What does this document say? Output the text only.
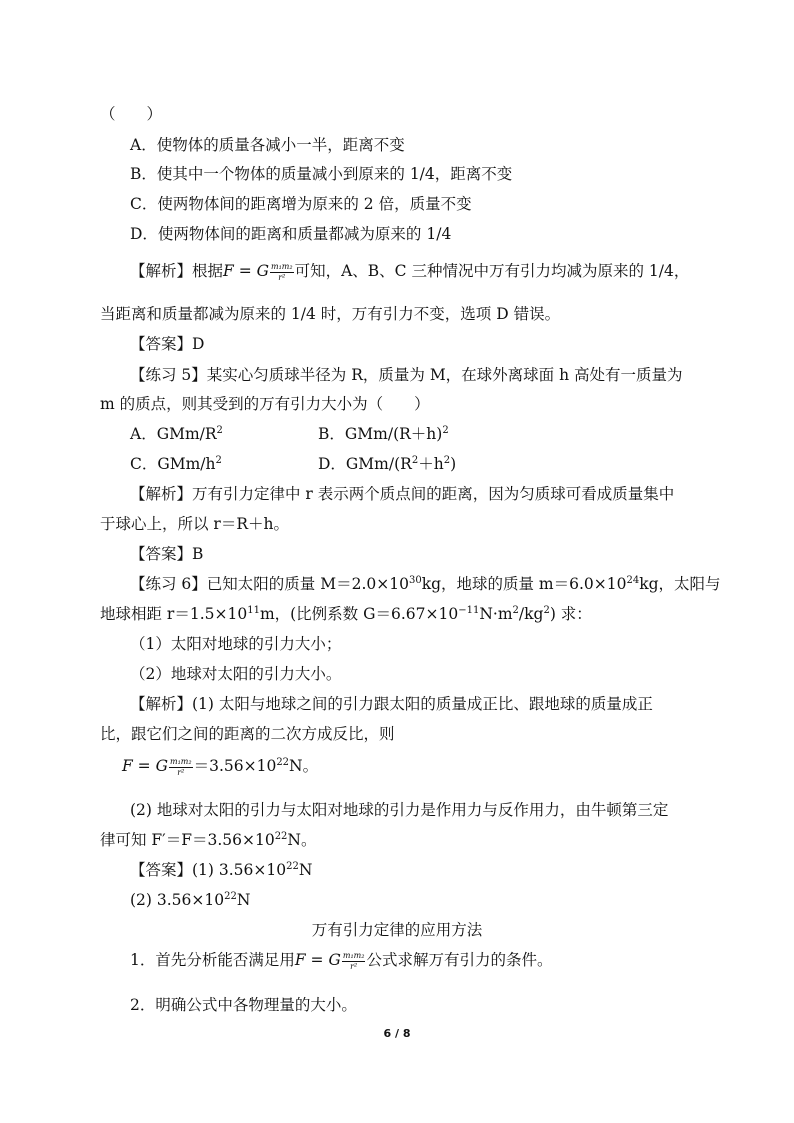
（　　）
A．使物体的质量各减小一半，距离不变
B．使其中一个物体的质量减小到原来的 1/4，距离不变
C．使两物体间的距离增为原来的 2 倍，质量不变
D．使两物体间的距离和质量都减为原来的 1/4
【解析】根据F = G $\frac{\text{m₁m₂}}{\text{r²}}$ 可知，A、B、C 三种情况中万有引力均减为原来的 1/4，
当距离和质量都减为原来的 1/4 时，万有引力不变，选项 D 错误。
【答案】D
【练习 5】某实心匀质球半径为 R，质量为 M，在球外离球面 h 高处有一质量为
m 的质点，则其受到的万有引力大小为（　　）
A．GMm/$R^2$	B．GMm/$(R+h)^2$
C．GMm/$h^2$	D．GMm/$(R^2+h^2)$
【解析】万有引力定律中 r 表示两个质点间的距离，因为匀质球可看成质量集中
于球心上，所以 r＝R＋h。
【答案】B
【练习 6】已知太阳的质量 $M=2.0\times 10^{30}kg$，地球的质量 $m=6.0\times 10^{24}kg$，太阳与
地球相距 $r=1.5\times 10^{11}m$，(比例系数 $G=6.67\times 10^{-11}N\cdot m^2/kg^2$) 求：
（1）太阳对地球的引力大小；
（2）地球对太阳的引力大小。
【解析】(1) 太阳与地球之间的引力跟太阳的质量成正比、跟地球的质量成正
比，跟它们之间的距离的二次方成反比，则
F = G $\frac{\text{m₁m₂}}{\text{r²}} =3.56\times 10^{22}N$。
(2) 地球对太阳的引力与太阳对地球的引力是作用力与反作用力，由牛顿第三定
律可知 $F'=F=3.56\times 10^{22}N$。
【答案】(1) $3.56\times 10^{22}N$
(2) $3.56\times 10^{22}N$
万有引力定律的应用方法
1．首先分析能否满足用F = G $\frac{\text{m₁m₂}}{\text{r²}}$ 公式求解万有引力的条件。
2．明确公式中各物理量的大小。
6 / 8
